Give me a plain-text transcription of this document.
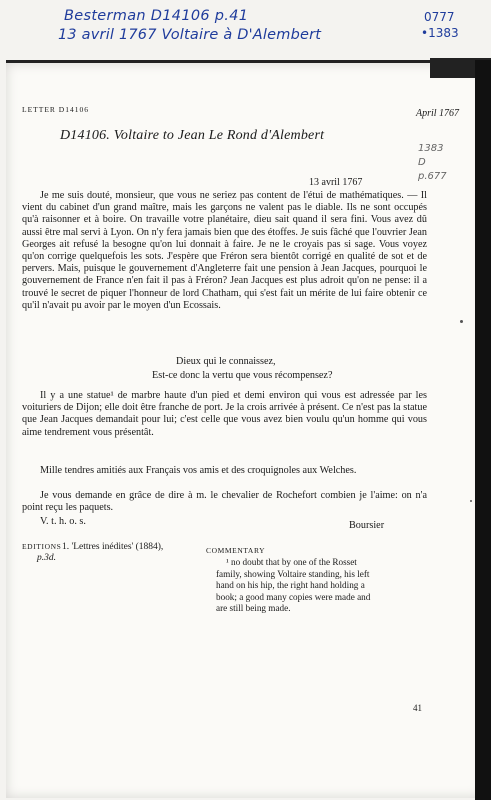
Besterman D14106 p.41
13 avril 1767 Voltaire à D'Alembert
0777
•1383
LETTER D14106	April 1767
D14106. Voltaire to Jean Le Rond d'Alembert
1383
D
p.677
13 avril 1767

Je me suis douté, monsieur, que vous ne seriez pas content de l'étui de mathématiques. — Il vient du cabinet d'un grand maître, mais les garçons ne valent pas le diable. Ils ne sont occupés qu'à raisonner et à boire. On travaille votre planétaire, dieu sait quand il sera fini. Vous avez dû aussi être mal servi à Lyon. On n'y fera jamais bien que des étoffes. Je suis fâché que l'ouvrier Jean Georges ait refusé la besogne qu'on lui donnait à faire. Je ne le croyais pas si sage. Vous voyez qu'on corrige quelquefois les sots. J'espère que Fréron sera bientôt corrigé en qualité de sot et de pervers. Mais, puisque le gouvernement d'Angleterre fait une pension à Jean Jacques, pourquoi le gouvernement de France n'en fait il pas à Fréron? Jean Jacques est plus adroit qu'on ne pense: il a trouvé le secret de piquer l'honneur de lord Chatham, qui s'est fait un mérite de lui faire obtenir ce qu'il n'avait pu avoir par le moyen d'un Ecossais.

Dieux qui le connaissez,
Est-ce donc la vertu que vous récompensez?

Il y a une statue¹ de marbre haute d'un pied et demi environ qui vous est adressée par les voituriers de Dijon; elle doit être franche de port. Je la crois arrivée à présent. Ce n'est pas la statue que Jean Jacques demandait pour lui; c'est celle que vous avez bien voulu qu'un homme qui vous aime tendrement vous présentât.

Mille tendres amitiés aux Français vos amis et des croquignoles aux Welches.

Je vous demande en grâce de dire à m. le chevalier de Rochefort combien je l'aime: on n'a point reçu les paquets.

V. t. h. o. s.	Boursier
EDITIONS 1. 'Lettres inédites' (1884),
p.3d.
COMMENTARY

¹ no doubt that by one of the Rosset family, showing Voltaire standing, his left hand on his hip, the right hand holding a book; a good many copies were made and are still being made.

41
